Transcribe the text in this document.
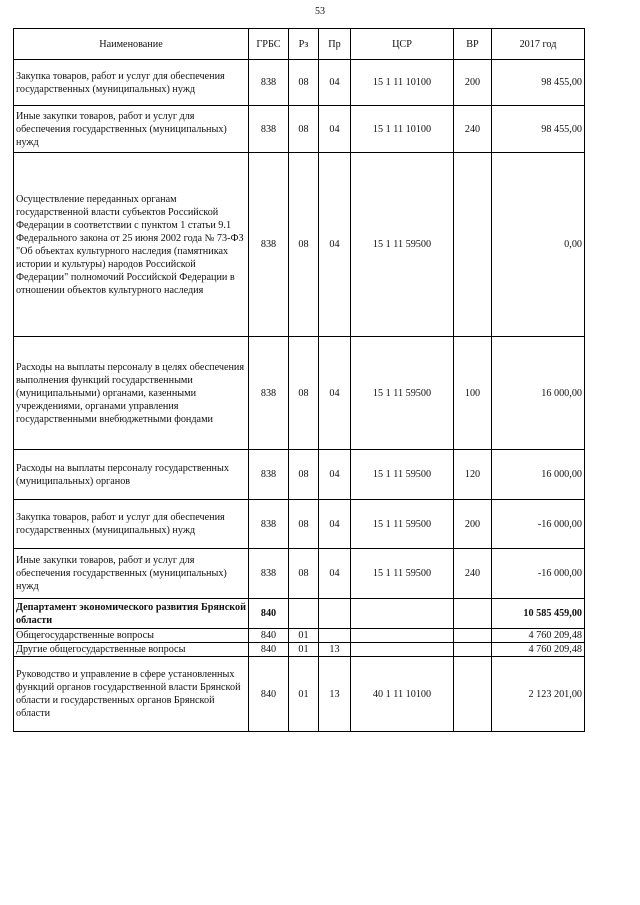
53
Наименование	ГРБС	Рз	Пр	ЦСР	ВР	2017 год
Закупка товаров, работ и услуг для обеспечения государственных (муниципальных) нужд	838	08	04	15 1 11 10100	200	98 455,00
Иные закупки товаров, работ и услуг для обеспечения государственных (муниципальных) нужд	838	08	04	15 1 11 10100	240	98 455,00
Осуществление переданных органам государственной власти субъектов Российской Федерации в соответствии с пунктом 1 статьи 9.1 Федерального закона от 25 июня 2002 года № 73-ФЗ "Об объектах культурного наследия (памятниках истории и культуры) народов Российской Федерации" полномочий Российской Федерации в отношении объектов культурного наследия	838	08	04	15 1 11 59500		0,00
Расходы на выплаты персоналу в целях обеспечения выполнения функций государственными (муниципальными) органами, казенными учреждениями, органами управления государственными внебюджетными фондами	838	08	04	15 1 11 59500	100	16 000,00
Расходы на выплаты персоналу государственных (муниципальных) органов	838	08	04	15 1 11 59500	120	16 000,00
Закупка товаров, работ и услуг для обеспечения государственных (муниципальных) нужд	838	08	04	15 1 11 59500	200	-16 000,00
Иные закупки товаров, работ и услуг для обеспечения государственных (муниципальных) нужд	838	08	04	15 1 11 59500	240	-16 000,00
Департамент экономического развития Брянской области	840					10 585 459,00
Общегосударственные вопросы	840	01				4 760 209,48
Другие общегосударственные вопросы	840	01	13			4 760 209,48
Руководство и управление в сфере установленных функций органов государственной власти Брянской области и государственных органов Брянской области	840	01	13	40 1 11 10100		2 123 201,00
